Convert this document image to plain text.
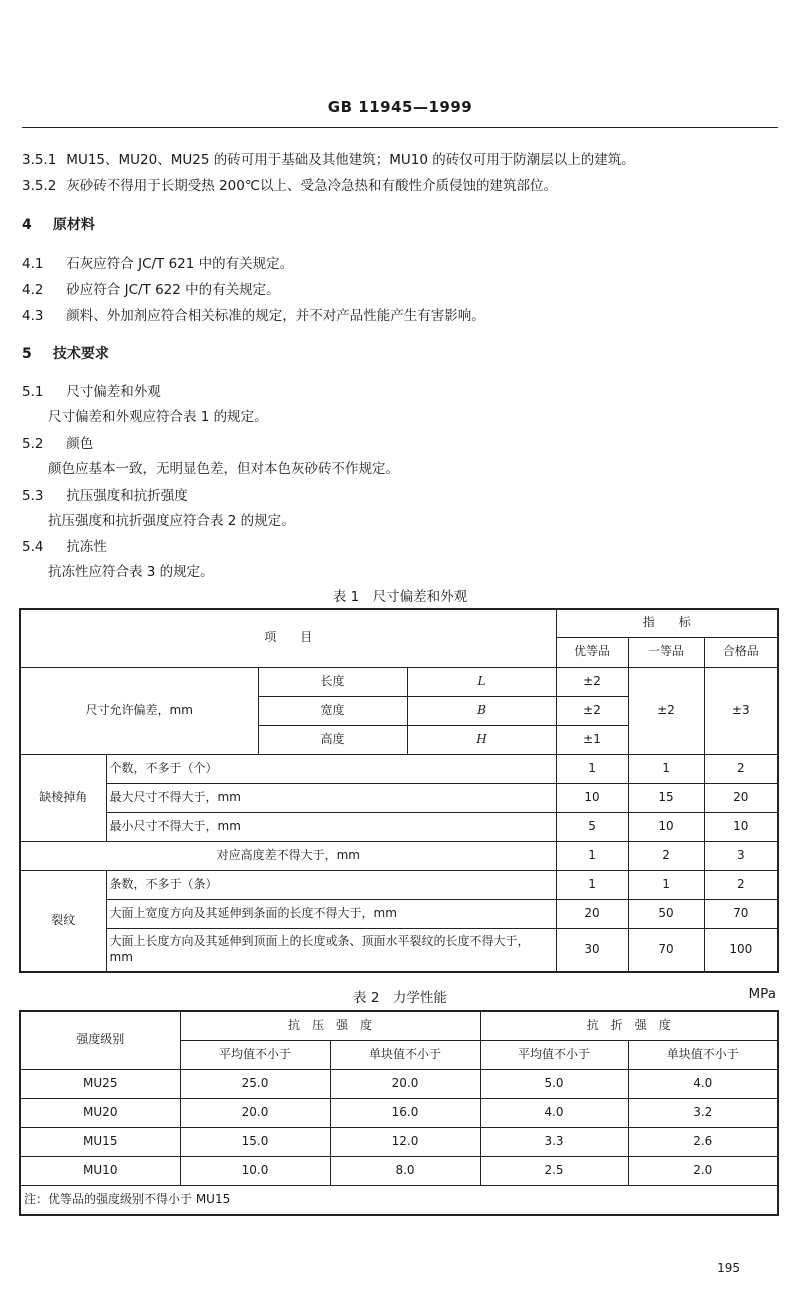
GB 11945—1999
3.5.1 MU15、MU20、MU25 的砖可用于基础及其他建筑；MU10 的砖仅可用于防潮层以上的建筑。
3.5.2 灰砂砖不得用于长期受热 200℃以上、受急冷急热和有酸性介质侵蚀的建筑部位。
4 原材料
4.1 石灰应符合 JC/T 621 中的有关规定。
4.2 砂应符合 JC/T 622 中的有关规定。
4.3 颜料、外加剂应符合相关标准的规定，并不对产品性能产生有害影响。
5 技术要求
5.1 尺寸偏差和外观
尺寸偏差和外观应符合表 1 的规定。
5.2 颜色
颜色应基本一致，无明显色差，但对本色灰砂砖不作规定。
5.3 抗压强度和抗折强度
抗压强度和抗折强度应符合表 2 的规定。
5.4 抗冻性
抗冻性应符合表 3 的规定。
表 1　尺寸偏差和外观
项　　目				指　　标		
				优等品	一等品	合格品
尺寸允许偏差，mm		长度	L	±2	±2	±3
		宽度	B	±2		
		高度	H	±1		
缺棱掉角	个数，不多于（个）			1	1	2
	最大尺寸不得大于，mm			10	15	20
	最小尺寸不得大于，mm			5	10	10
对应高度差不得大于，mm				1	2	3
裂纹	条数，不多于（条）			1	1	2
	大面上宽度方向及其延伸到条面的长度不得大于，mm			20	50	70
	大面上长度方向及其延伸到顶面上的长度或条、顶面水平裂纹的长度不得大于，mm			30	70	100
表 2　力学性能	MPa
强度级别	抗　压　强　度		抗　折　强　度	
	平均值不小于	单块值不小于	平均值不小于	单块值不小于
MU25	25.0	20.0	5.0	4.0
MU20	20.0	16.0	4.0	3.2
MU15	15.0	12.0	3.3	2.6
MU10	10.0	8.0	2.5	2.0
注：优等品的强度级别不得小于 MU15				
195
